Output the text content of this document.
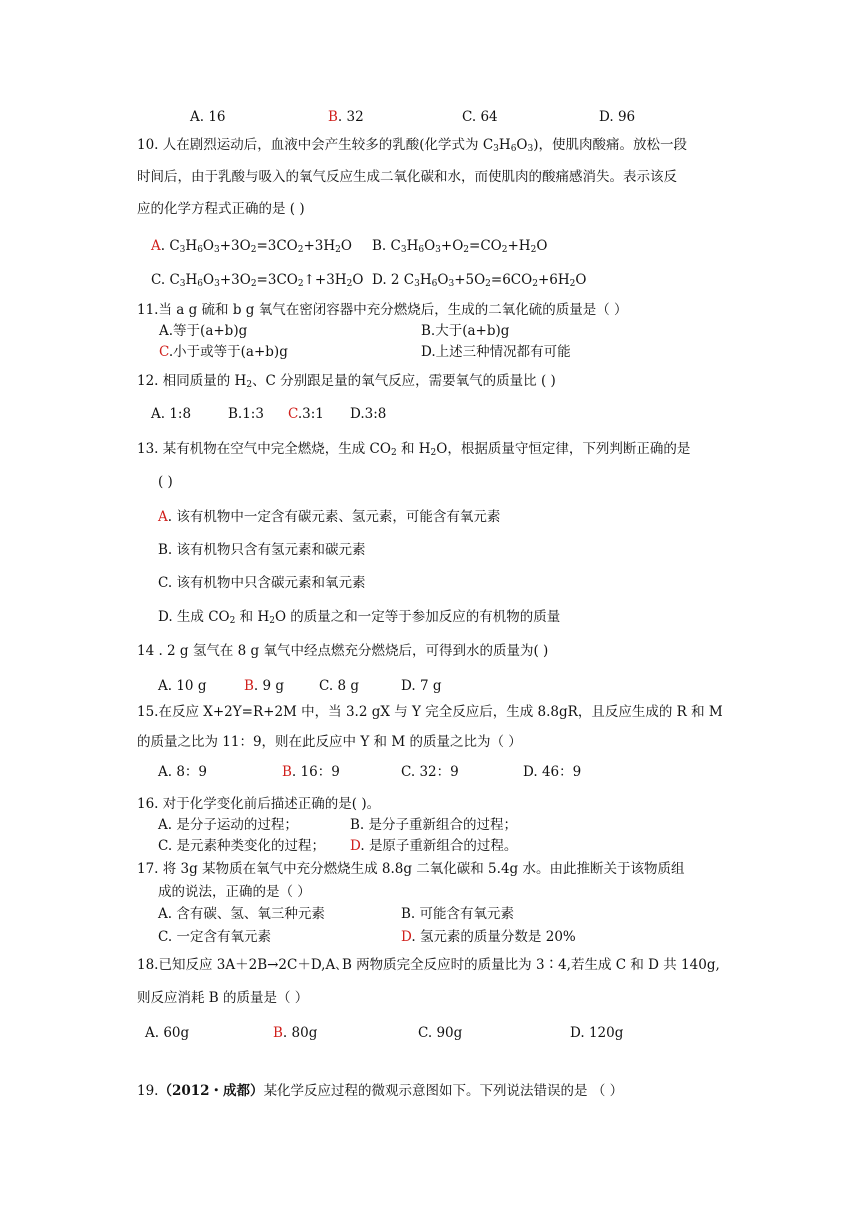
A. 16	B. 32	C. 64	D. 96
10. 人在剧烈运动后，血液中会产生较多的乳酸(化学式为 $C_3H_6O_3$)，使肌肉酸痛。放松一段
时间后，由于乳酸与吸入的氧气反应生成二氧化碳和水，而使肌肉的酸痛感消失。表示该反
应的化学方程式正确的是 ( )
A. $C_3H_6O_3+3O_2=3CO_2+3H_2O$ B. $C_3H_6O_3+O_2=CO_2+H_2O$
C. $C_3H_6O_3+3O_2=3CO_2↑+3H_2O$ D. 2 $C_3H_6O_3+5O_2=6CO_2+6H_2O$
11.当 a g 硫和 b g 氧气在密闭容器中充分燃烧后，生成的二氧化硫的质量是（ ）
A.等于(a+b)g	B.大于(a+b)g
C.小于或等于(a+b)g	D.上述三种情况都有可能
12. 相同质量的 $H_2$、C 分别跟足量的氧气反应，需要氧气的质量比 ( )
A. 1:8	B.1:3 C.3:1 D.3:8
13. 某有机物在空气中完全燃烧，生成 $CO_2$ 和 $H_2O$，根据质量守恒定律，下列判断正确的是
( )
A. 该有机物中一定含有碳元素、氢元素，可能含有氧元素
B. 该有机物只含有氢元素和碳元素
C. 该有机物中只含碳元素和氧元素
D. 生成 $CO_2$ 和 $H_2O$ 的质量之和一定等于参加反应的有机物的质量
14 . 2 g 氢气在 8 g 氧气中经点燃充分燃烧后，可得到水的质量为( )
A. 10 g	B. 9 g	C. 8 g	D. 7 g
15.在反应 X+2Y=R+2M 中，当 3.2 gX 与 Y 完全反应后，生成 8.8gR，且反应生成的 R 和 M
的质量之比为 11：9，则在此反应中 Y 和 M 的质量之比为（ ）
A. 8：9	B. 16：9	C. 32：9	D. 46：9
16. 对于化学变化前后描述正确的是( )。
A. 是分子运动的过程；	B. 是分子重新组合的过程；
C. 是元素种类变化的过程； D. 是原子重新组合的过程。
17. 将 3g 某物质在氧气中充分燃烧生成 8.8g 二氧化碳和 5.4g 水。由此推断关于该物质组
成的说法，正确的是（ ）
A. 含有碳、氢、氧三种元素	B. 可能含有氧元素
C. 一定含有氧元素	D. 氢元素的质量分数是 20%
18.已知反应 3A＋2B→2C＋D,A､B 两物质完全反应时的质量比为 3∶4,若生成 C 和 D 共 140g,
则反应消耗 B 的质量是（ ）
A. 60g	B. 80g	C. 90g	D. 120g
19.（2012・成都）某化学反应过程的微观示意图如下。下列说法错误的是 （ ）
